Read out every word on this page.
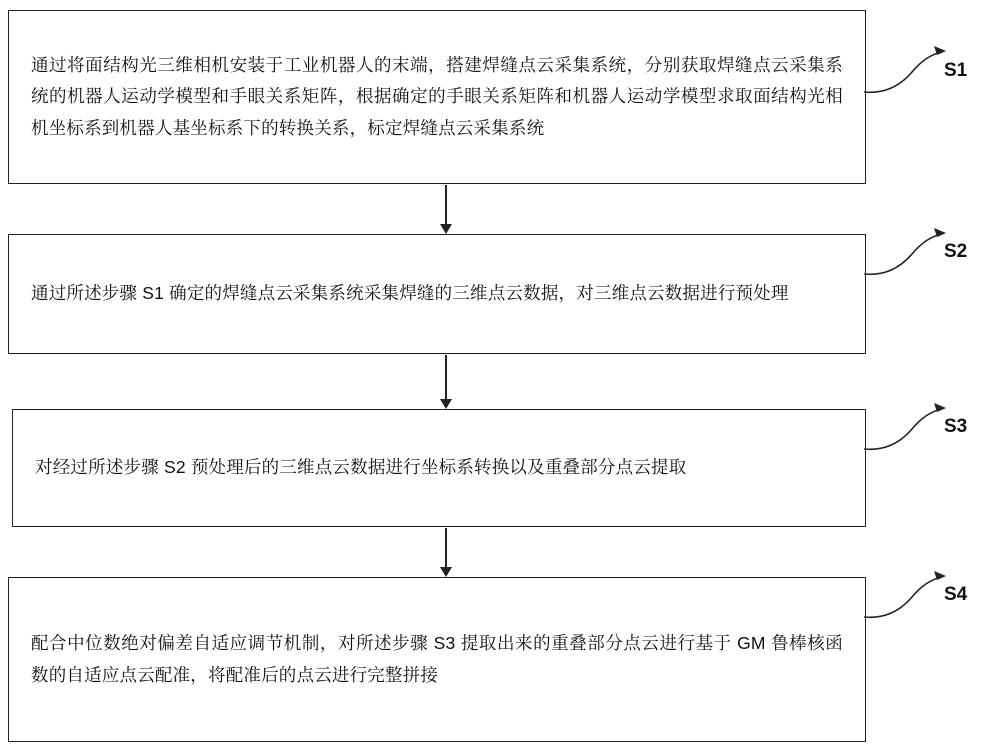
通过将面结构光三维相机安装于工业机器人的末端，搭建焊缝点云采集系统，分别获取焊缝点云采集系统的机器人运动学模型和手眼关系矩阵，根据确定的手眼关系矩阵和机器人运动学模型求取面结构光相机坐标系到机器人基坐标系下的转换关系，标定焊缝点云采集系统
通过所述步骤 S1 确定的焊缝点云采集系统采集焊缝的三维点云数据，对三维点云数据进行预处理
对经过所述步骤 S2 预处理后的三维点云数据进行坐标系转换以及重叠部分点云提取
配合中位数绝对偏差自适应调节机制，对所述步骤 S3 提取出来的重叠部分点云进行基于 GM 鲁棒核函数的自适应点云配准，将配准后的点云进行完整拼接
S1
S2
S3
S4
